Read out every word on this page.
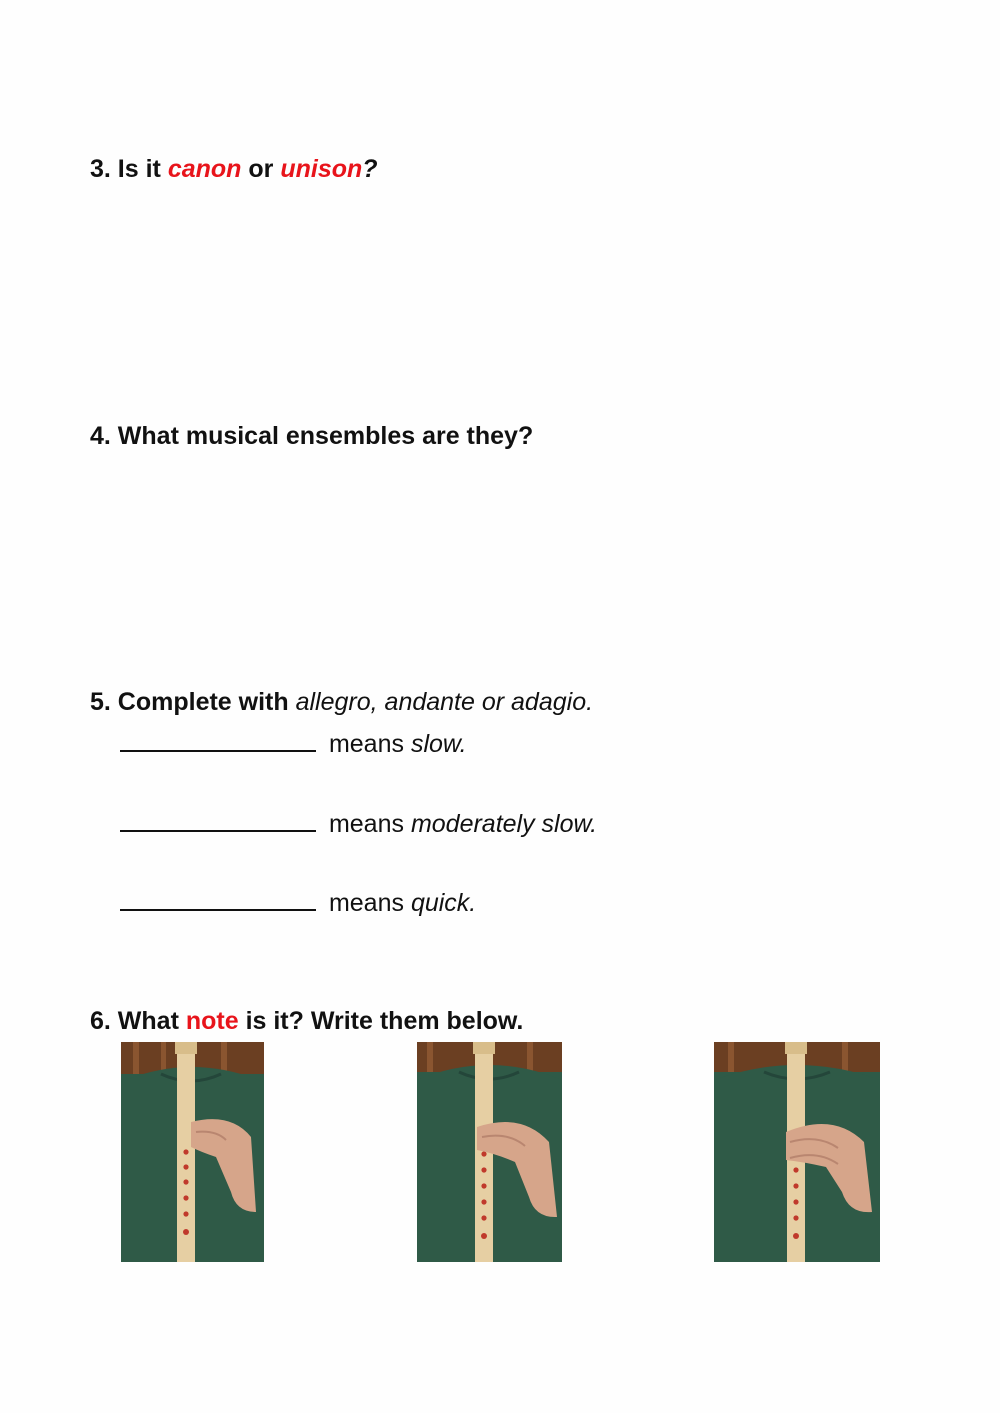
3. Is it canon or unison?
4. What musical ensembles are they?
5. Complete with allegro, andante or adagio.
means slow.
means moderately slow.
means quick.
6. What note is it? Write them below.
